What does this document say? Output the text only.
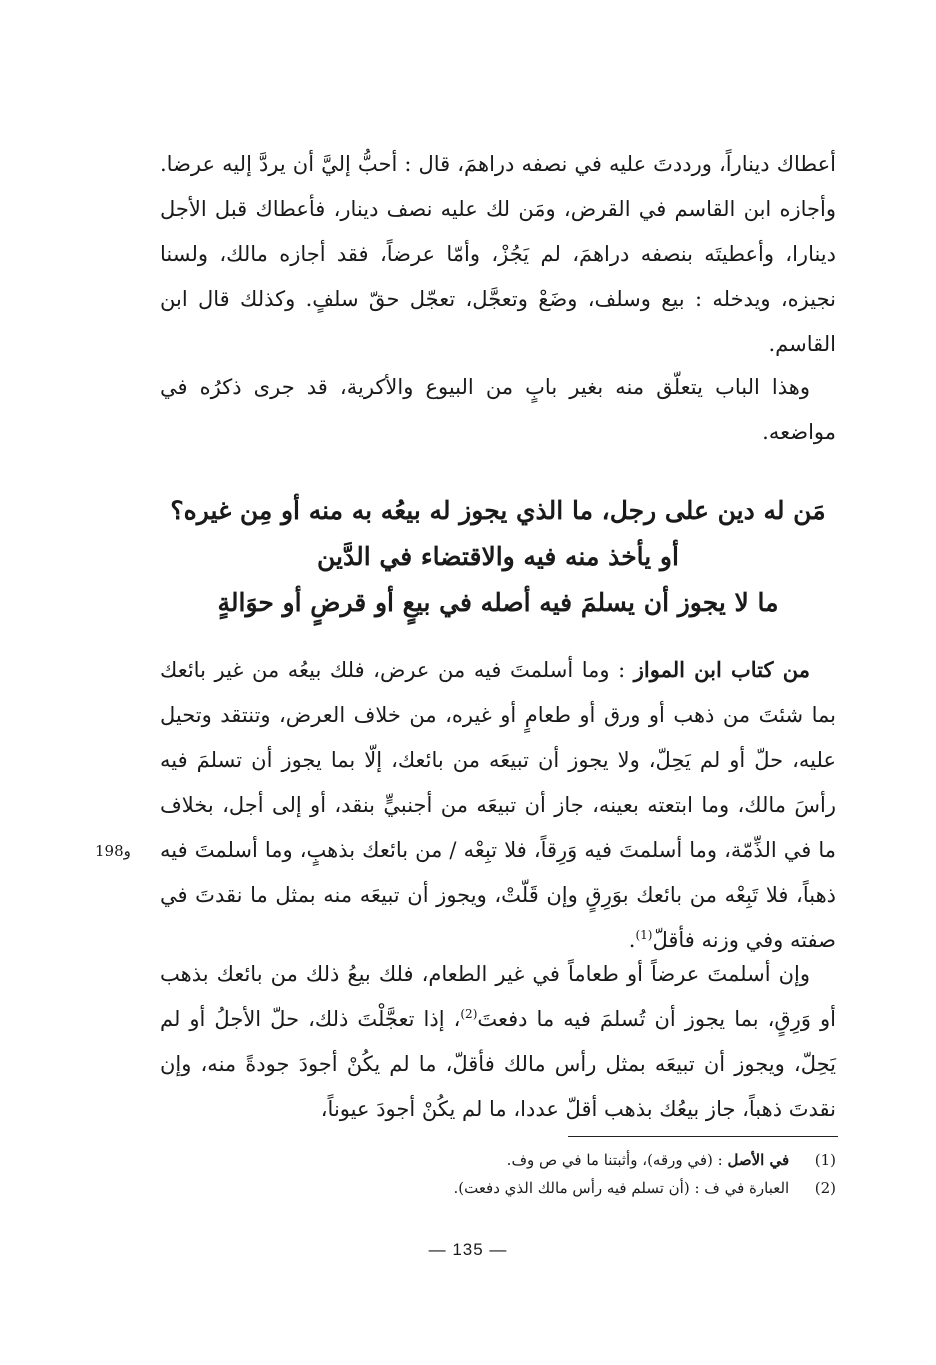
أعطاك ديناراً، ورددتَ عليه في نصفه دراهمَ، قال : أحبُّ إليَّ أن يردَّ إليه عرضا. وأجازه ابن القاسم في القرض، ومَن لك عليه نصف دينار، فأعطاك قبل الأجل دينارا، وأعطيتَه بنصفه دراهمَ، لم يَجُزْ، وأمّا عرضاً، فقد أجازه مالك، ولسنا نجيزه، ويدخله : بيع وسلف، وضَعْ وتعجَّل، تعجّل حقّ سلفٍ. وكذلك قال ابن القاسم.

وهذا الباب يتعلّق منه بغير بابٍ من البيوع والأكرية، قد جرى ذكرُه في مواضعه.

مَن له دين على رجل، ما الذي يجوز له بيعُه به منه أو مِن غيره؟
أو يأخذ منه فيه والاقتضاء في الدَّين
ما لا يجوز أن يسلمَ فيه أصله في بيعٍ أو قرضٍ أو حوَالةٍ

من كتاب ابن المواز : وما أسلمتَ فيه من عرض، فلك بيعُه من غير بائعك بما شئتَ من ذهب أو ورق أو طعامٍ أو غيره، من خلاف العرض، وتنتقد وتحيل عليه، حلّ أو لم يَحِلّ، ولا يجوز أن تبيعَه من بائعك، إلّا بما يجوز أن تسلمَ فيه رأسَ مالك، وما ابتعته بعينه، جاز أن تبيعَه من أجنبيٍّ بنقد، أو إلى أجل، بخلاف ما في الذِّمّة، وما أسلمتَ فيه وَرِقاً، فلا تبِعْه / من بائعك بذهبٍ، وما أسلمتَ فيه ذهباً، فلا تَبِعْه من بائعك بوَرِقٍ وإن قَلّتْ، ويجوز أن تبيعَه منه بمثل ما نقدتَ في صفته وفي وزنه فأقلّ$^{(1)}$.

198و

وإن أسلمتَ عرضاً أو طعاماً في غير الطعام، فلك بيعُ ذلك من بائعك بذهب أو وَرِقٍ، بما يجوز أن تُسلمَ فيه ما دفعتَ$^{(2)}$، إذا تعجَّلْتَ ذلك، حلّ الأجلُ أو لم يَحِلّ، ويجوز أن تبيعَه بمثل رأس مالك فأقلّ، ما لم يكُنْ أجودَ جودةً منه، وإن نقدتَ ذهباً، جاز بيعُك بذهب أقلّ عددا، ما لم يكُنْ أجودَ عيوناً،

(1) في الأصل : (في ورقه)، وأثبتنا ما في ص وف.
(2) العبارة في ف : (أن تسلم فيه رأس مالك الذي دفعت).
— 135 —
